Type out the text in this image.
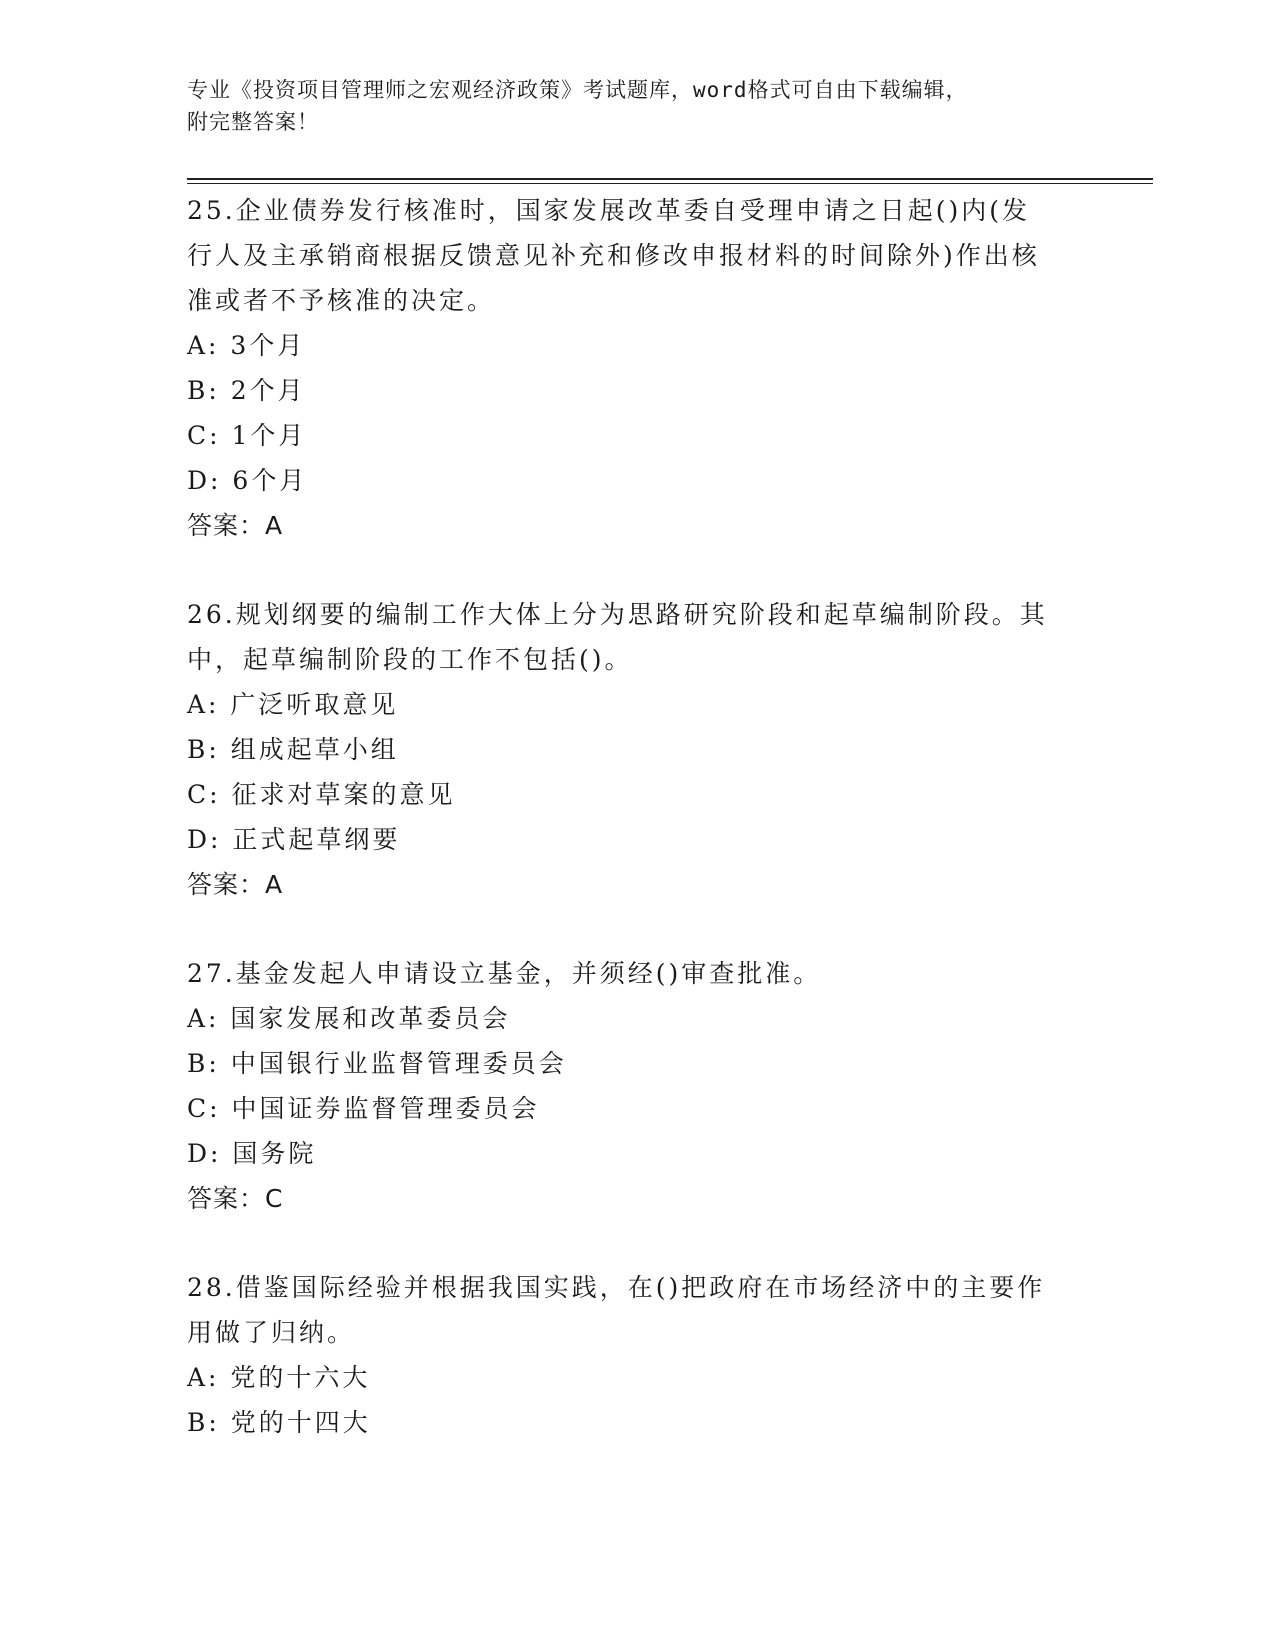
专业《投资项目管理师之宏观经济政策》考试题库，word格式可自由下载编辑，
附完整答案！
25.企业债券发行核准时，国家发展改革委自受理申请之日起()内(发
行人及主承销商根据反馈意见补充和修改申报材料的时间除外)作出核
准或者不予核准的决定。
A: 3个月
B: 2个月
C: 1个月
D: 6个月
答案：A
26.规划纲要的编制工作大体上分为思路研究阶段和起草编制阶段。其
中，起草编制阶段的工作不包括()。
A: 广泛听取意见
B: 组成起草小组
C: 征求对草案的意见
D: 正式起草纲要
答案：A
27.基金发起人申请设立基金，并须经()审查批准。
A: 国家发展和改革委员会
B: 中国银行业监督管理委员会
C: 中国证券监督管理委员会
D: 国务院
答案：C
28.借鉴国际经验并根据我国实践，在()把政府在市场经济中的主要作
用做了归纳。
A: 党的十六大
B: 党的十四大
